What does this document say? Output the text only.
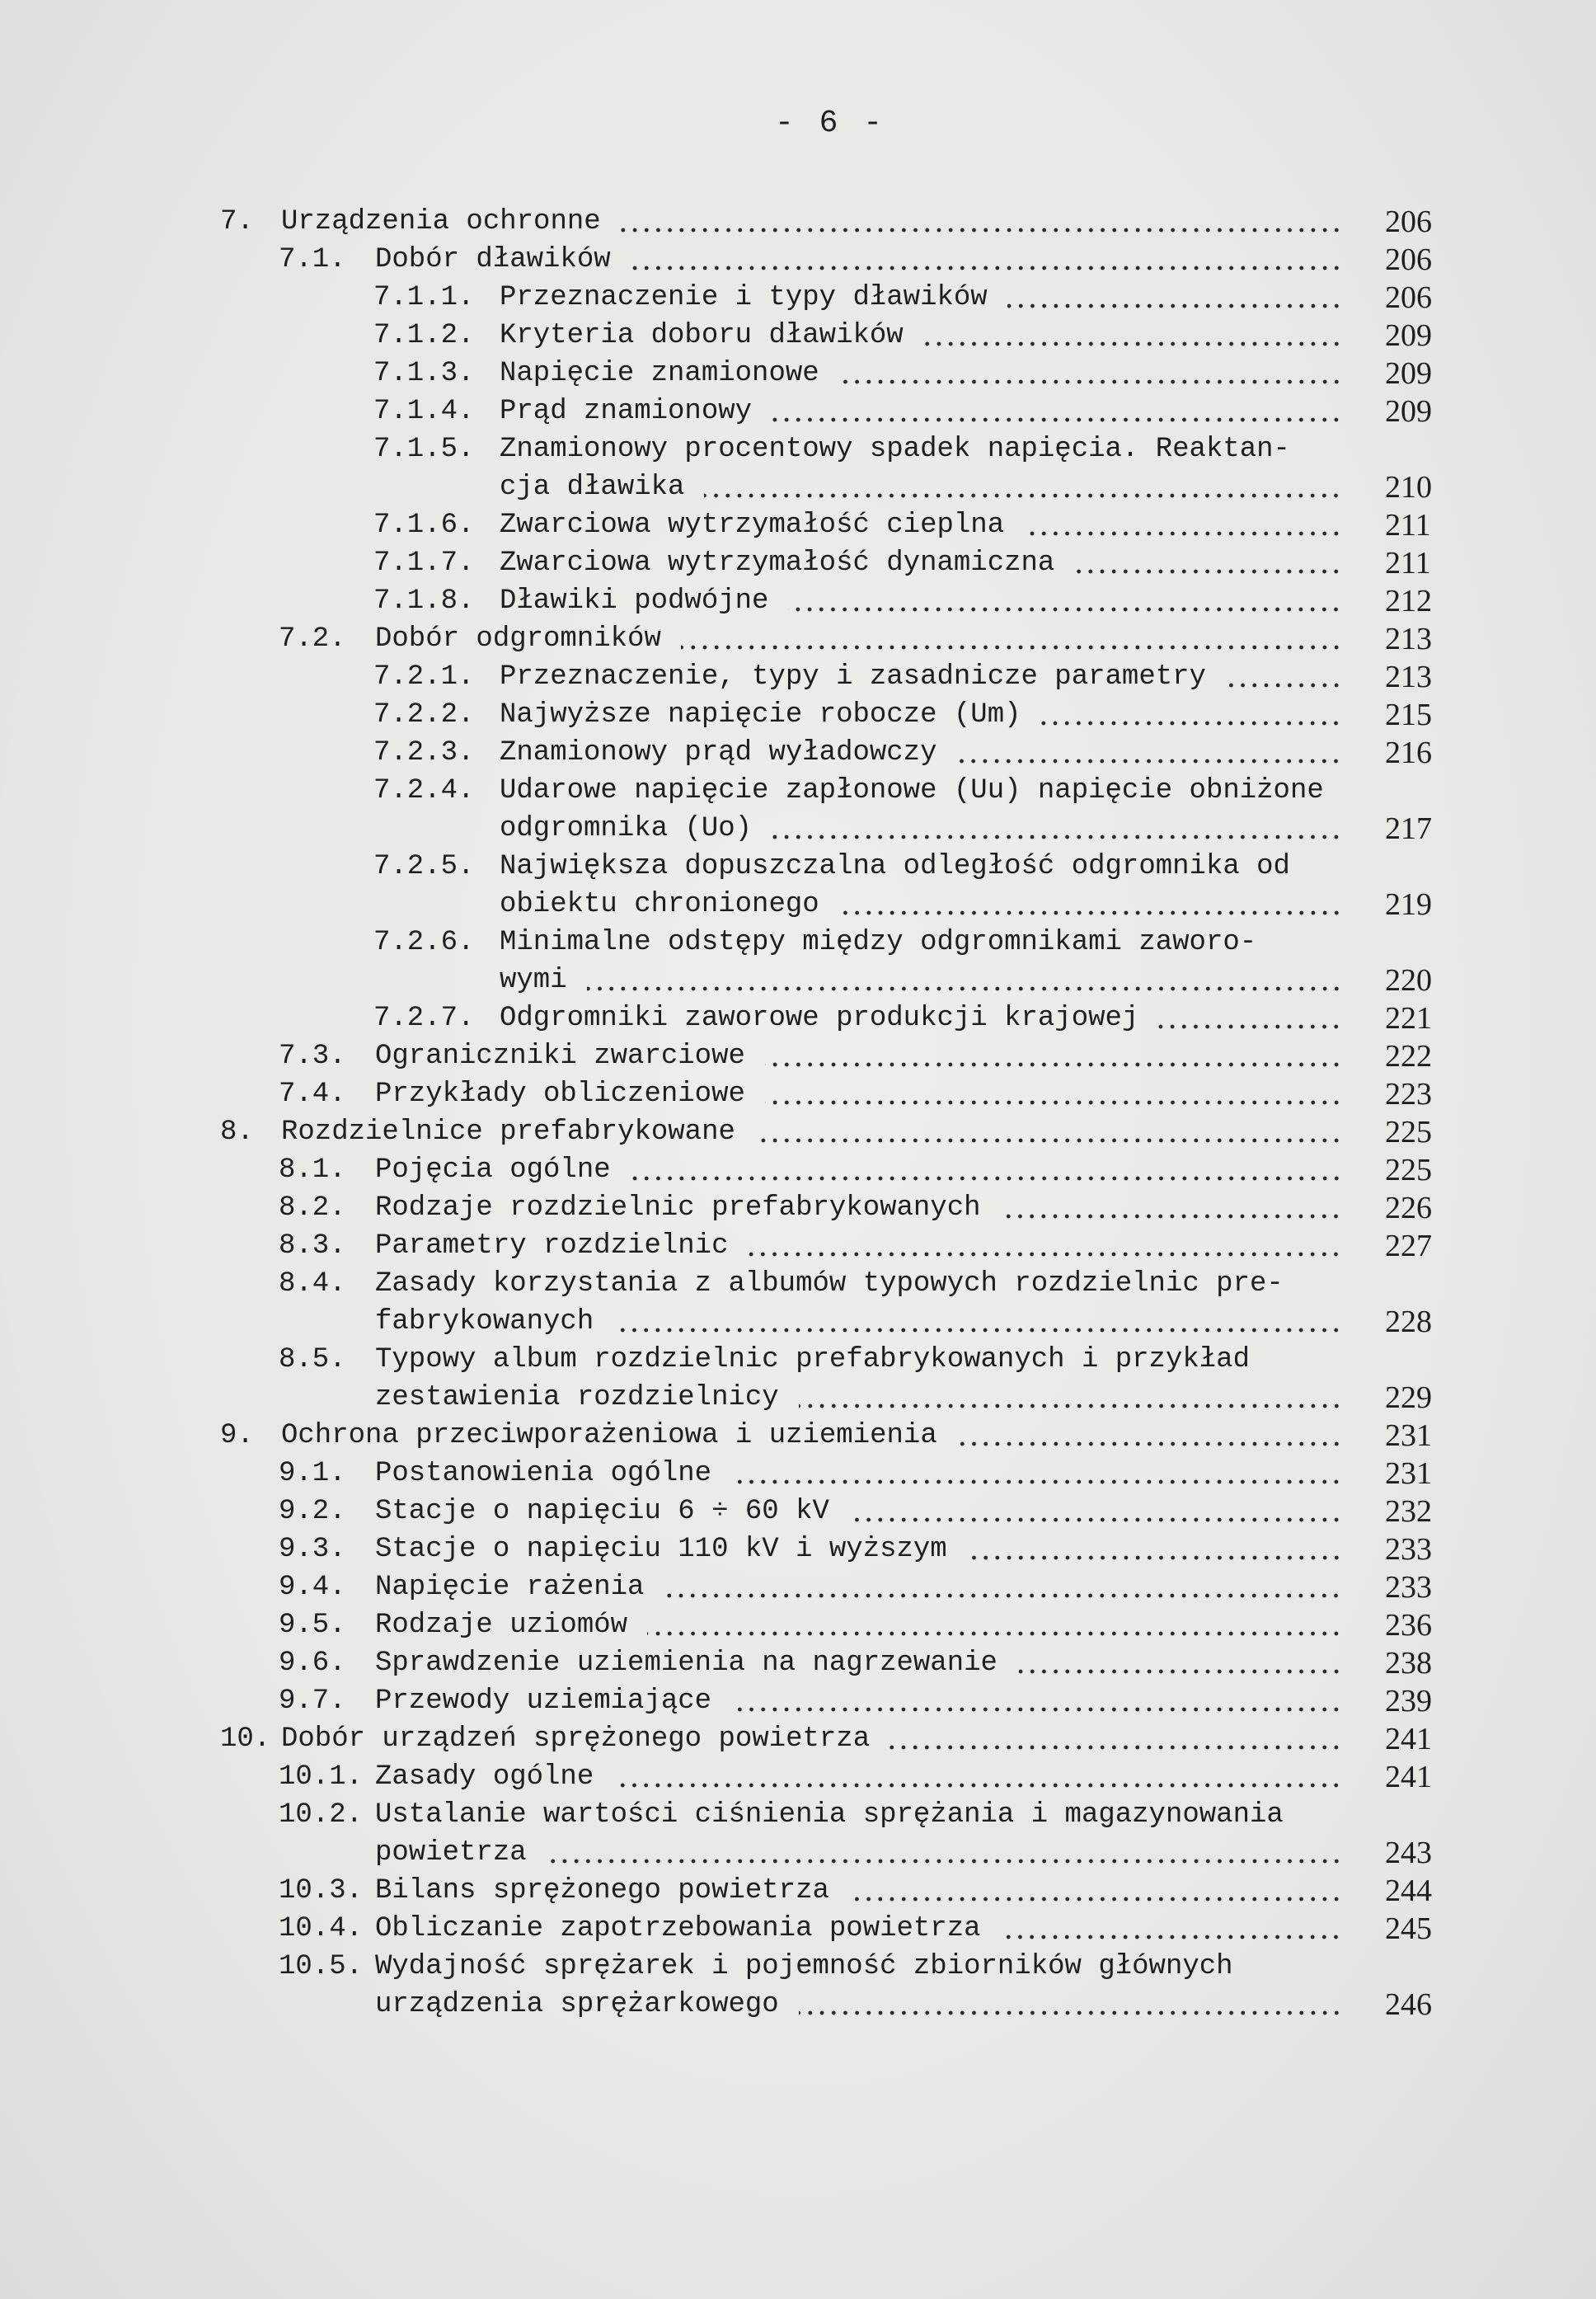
- 6 -
7. Urządzenia ochronne	206
7.1. Dobór dławików	206
7.1.1. Przeznaczenie i typy dławików	206
7.1.2. Kryteria doboru dławików	209
7.1.3. Napięcie znamionowe	209
7.1.4. Prąd znamionowy	209
7.1.5. Znamionowy procentowy spadek napięcia. Reaktan-
cja dławika	210
7.1.6. Zwarciowa wytrzymałość cieplna	211
7.1.7. Zwarciowa wytrzymałość dynamiczna	211
7.1.8. Dławiki podwójne	212
7.2. Dobór odgromników	213
7.2.1. Przeznaczenie, typy i zasadnicze parametry	213
7.2.2. Najwyższe napięcie robocze (Um)	215
7.2.3. Znamionowy prąd wyładowczy	216
7.2.4. Udarowe napięcie zapłonowe (Uu) napięcie obniżone
odgromnika (Uo)	217
7.2.5. Największa dopuszczalna odległość odgromnika od
obiektu chronionego	219
7.2.6. Minimalne odstępy między odgromnikami zaworo-
wymi	220
7.2.7. Odgromniki zaworowe produkcji krajowej	221
7.3. Ograniczniki zwarciowe	222
7.4. Przykłady obliczeniowe	223
8. Rozdzielnice prefabrykowane	225
8.1. Pojęcia ogólne	225
8.2. Rodzaje rozdzielnic prefabrykowanych	226
8.3. Parametry rozdzielnic	227
8.4. Zasady korzystania z albumów typowych rozdzielnic pre-
fabrykowanych	228
8.5. Typowy album rozdzielnic prefabrykowanych i przykład
zestawienia rozdzielnicy	229
9. Ochrona przeciwporażeniowa i uziemienia	231
9.1. Postanowienia ogólne	231
9.2. Stacje o napięciu 6 ÷ 60 kV	232
9.3. Stacje o napięciu 110 kV i wyższym	233
9.4. Napięcie rażenia	233
9.5. Rodzaje uziomów	236
9.6. Sprawdzenie uziemienia na nagrzewanie	238
9.7. Przewody uziemiające	239
10. Dobór urządzeń sprężonego powietrza	241
10.1. Zasady ogólne	241
10.2. Ustalanie wartości ciśnienia sprężania i magazynowania
powietrza	243
10.3. Bilans sprężonego powietrza	244
10.4. Obliczanie zapotrzebowania powietrza	245
10.5. Wydajność sprężarek i pojemność zbiorników głównych
urządzenia sprężarkowego	246
